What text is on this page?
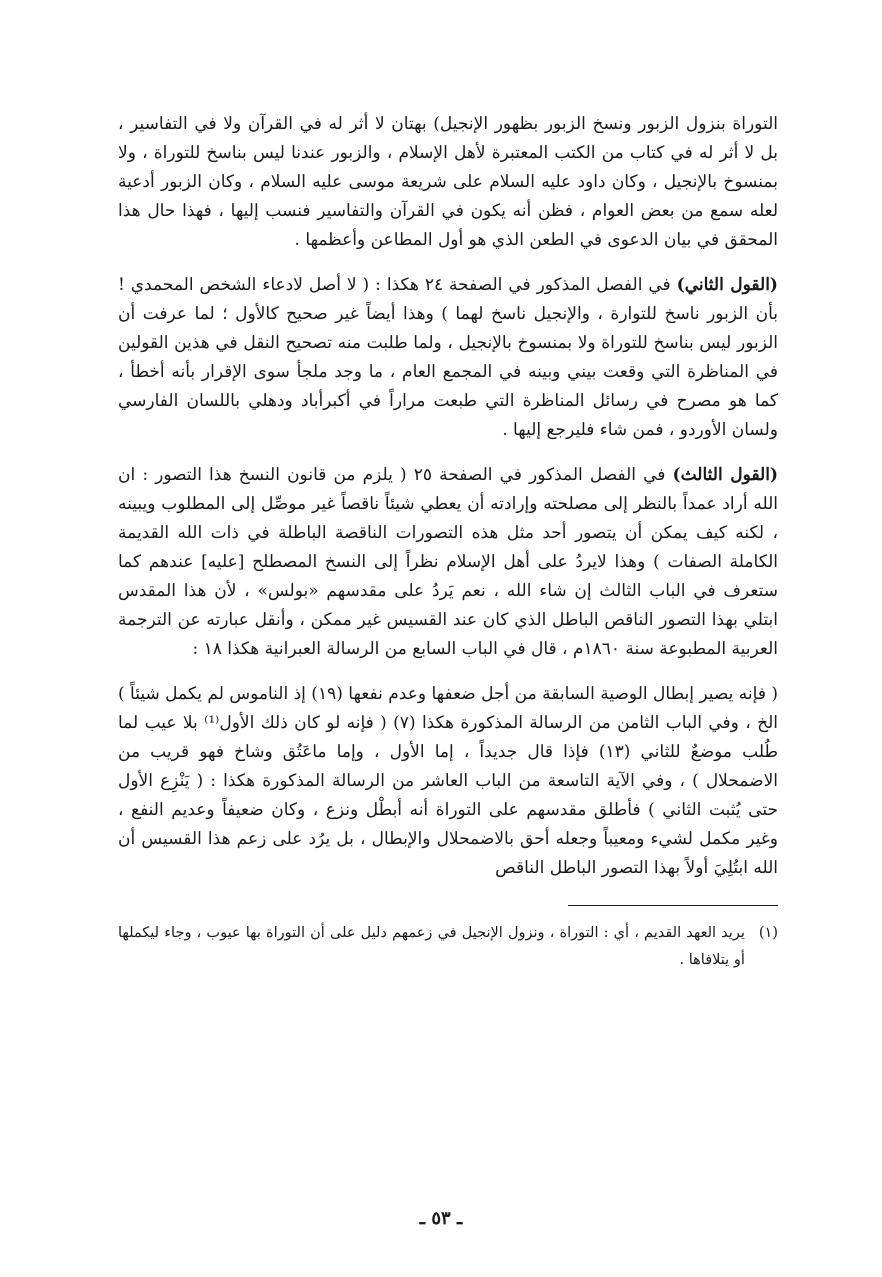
التوراة بنزول الزبور ونسخ الزبور بظهور الإنجيل) بهتان لا أثر له في القرآن ولا في التفاسير ، بل لا أثر له في كتاب من الكتب المعتبرة لأهل الإسلام ، والزبور عندنا ليس بناسخ للتوراة ، ولا بمنسوخ بالإنجيل ، وكان داود عليه السلام على شريعة موسى عليه السلام ، وكان الزبور أدعية لعله سمع من بعض العوام ، فظن أنه يكون في القرآن والتفاسير فنسب إليها ، فهذا حال هذا المحقق في بيان الدعوى في الطعن الذي هو أول المطاعن وأعظمها .

(القول الثاني) في الفصل المذكور في الصفحة ٢٤ هكذا : ( لا أصل لادعاء الشخص المحمدي ! بأن الزبور ناسخ للتوارة ، والإنجيل ناسخ لهما ) وهذا أيضاً غير صحيح كالأول ؛ لما عرفت أن الزبور ليس بناسخ للتوراة ولا بمنسوخ بالإنجيل ، ولما طلبت منه تصحيح النقل في هذين القولين في المناظرة التي وقعت بيني وبينه في المجمع العام ، ما وجد ملجأ سوى الإقرار بأنه أخطأ ، كما هو مصرح في رسائل المناظرة التي طبعت مراراً في أكبرأباد ودهلي باللسان الفارسي ولسان الأوردو ، فمن شاء فليرجع إليها .

(القول الثالث) في الفصل المذكور في الصفحة ٢٥ ( يلزم من قانون النسخ هذا التصور : ان الله أراد عمداً بالنظر إلى مصلحته وإرادته أن يعطي شيئاً ناقصاً غير موصِّل إلى المطلوب ويبينه ، لكنه كيف يمكن أن يتصور أحد مثل هذه التصورات الناقصة الباطلة في ذات الله القديمة الكاملة الصفات ) وهذا لايردُ على أهل الإسلام نظراً إلى النسخ المصطلح [عليه] عندهم كما ستعرف في الباب الثالث إن شاء الله ، نعم يَردُ على مقدسهم «بولس» ، لأن هذا المقدس ابتلي بهذا التصور الناقص الباطل الذي كان عند القسيس غير ممكن ، وأنقل عبارته عن الترجمة العربية المطبوعة سنة ١٨٦٠م ، قال في الباب السابع من الرسالة العبرانية هكذا ١٨ :

( فإنه يصير إبطال الوصية السابقة من أجل ضعفها وعدم نفعها (١٩) إذ الناموس لم يكمل شيئاً ) الخ ، وفي الباب الثامن من الرسالة المذكورة هكذا (٧) ( فإنه لو كان ذلك الأول⁽¹⁾ بلا عيب لما طُلب موضعٌ للثاني (١٣) فإذا قال جديداً ، إما الأول ، وإما ماعَتُق وشاخ فهو قريب من الاضمحلال ) ، وفي الآية التاسعة من الباب العاشر من الرسالة المذكورة هكذا : ( يَنْزِع الأول حتى يُثبت الثاني ) فأطلق مقدسهم على التوراة أنه أبطْل ونزع ، وكان ضعيفاً وعديم النفع ، وغير مكمل لشيء ومعيباً وجعله أحق بالاضمحلال والإبطال ، بل يرُد على زعم هذا القسيس أن الله ابتُلِيَ أولاً بهذا التصور الباطل الناقص

(١)
يريد العهد القديم ، أي : التوراة ، ونزول الإنجيل في زعمهم دليل على أن التوراة بها عيوب ، وجاء ليكملها أو يتلافاها .
ـ ٥٣ ـ
